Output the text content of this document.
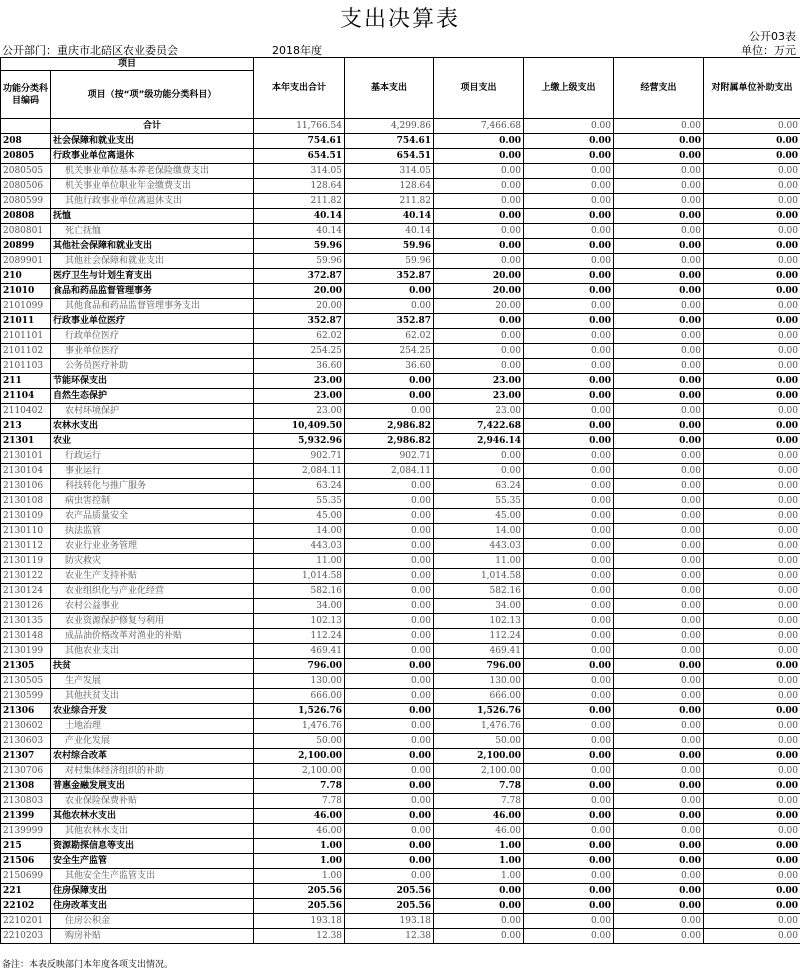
支出决算表
公开03表
公开部门：重庆市北碚区农业委员会	2018年度	单位：万元
项目		本年支出合计	基本支出	项目支出	上缴上级支出	经营支出	对附属单位补助支出
功能分类科目编码	项目（按“项”级功能分类科目）						
	合计	11,766.54	4,299.86	7,466.68	0.00	0.00	0.00
208	社会保障和就业支出	754.61	754.61	0.00	0.00	0.00	0.00
20805	行政事业单位离退休	654.51	654.51	0.00	0.00	0.00	0.00
2080505	机关事业单位基本养老保险缴费支出	314.05	314.05	0.00	0.00	0.00	0.00
2080506	机关事业单位职业年金缴费支出	128.64	128.64	0.00	0.00	0.00	0.00
2080599	其他行政事业单位离退休支出	211.82	211.82	0.00	0.00	0.00	0.00
20808	抚恤	40.14	40.14	0.00	0.00	0.00	0.00
2080801	死亡抚恤	40.14	40.14	0.00	0.00	0.00	0.00
20899	其他社会保障和就业支出	59.96	59.96	0.00	0.00	0.00	0.00
2089901	其他社会保障和就业支出	59.96	59.96	0.00	0.00	0.00	0.00
210	医疗卫生与计划生育支出	372.87	352.87	20.00	0.00	0.00	0.00
21010	食品和药品监督管理事务	20.00	0.00	20.00	0.00	0.00	0.00
2101099	其他食品和药品监督管理事务支出	20.00	0.00	20.00	0.00	0.00	0.00
21011	行政事业单位医疗	352.87	352.87	0.00	0.00	0.00	0.00
2101101	行政单位医疗	62.02	62.02	0.00	0.00	0.00	0.00
2101102	事业单位医疗	254.25	254.25	0.00	0.00	0.00	0.00
2101103	公务员医疗补助	36.60	36.60	0.00	0.00	0.00	0.00
211	节能环保支出	23.00	0.00	23.00	0.00	0.00	0.00
21104	自然生态保护	23.00	0.00	23.00	0.00	0.00	0.00
2110402	农村环境保护	23.00	0.00	23.00	0.00	0.00	0.00
213	农林水支出	10,409.50	2,986.82	7,422.68	0.00	0.00	0.00
21301	农业	5,932.96	2,986.82	2,946.14	0.00	0.00	0.00
2130101	行政运行	902.71	902.71	0.00	0.00	0.00	0.00
2130104	事业运行	2,084.11	2,084.11	0.00	0.00	0.00	0.00
2130106	科技转化与推广服务	63.24	0.00	63.24	0.00	0.00	0.00
2130108	病虫害控制	55.35	0.00	55.35	0.00	0.00	0.00
2130109	农产品质量安全	45.00	0.00	45.00	0.00	0.00	0.00
2130110	执法监管	14.00	0.00	14.00	0.00	0.00	0.00
2130112	农业行业业务管理	443.03	0.00	443.03	0.00	0.00	0.00
2130119	防灾救灾	11.00	0.00	11.00	0.00	0.00	0.00
2130122	农业生产支持补贴	1,014.58	0.00	1,014.58	0.00	0.00	0.00
2130124	农业组织化与产业化经营	582.16	0.00	582.16	0.00	0.00	0.00
2130126	农村公益事业	34.00	0.00	34.00	0.00	0.00	0.00
2130135	农业资源保护修复与利用	102.13	0.00	102.13	0.00	0.00	0.00
2130148	成品油价格改革对渔业的补贴	112.24	0.00	112.24	0.00	0.00	0.00
2130199	其他农业支出	469.41	0.00	469.41	0.00	0.00	0.00
21305	扶贫	796.00	0.00	796.00	0.00	0.00	0.00
2130505	生产发展	130.00	0.00	130.00	0.00	0.00	0.00
2130599	其他扶贫支出	666.00	0.00	666.00	0.00	0.00	0.00
21306	农业综合开发	1,526.76	0.00	1,526.76	0.00	0.00	0.00
2130602	土地治理	1,476.76	0.00	1,476.76	0.00	0.00	0.00
2130603	产业化发展	50.00	0.00	50.00	0.00	0.00	0.00
21307	农村综合改革	2,100.00	0.00	2,100.00	0.00	0.00	0.00
2130706	对村集体经济组织的补助	2,100.00	0.00	2,100.00	0.00	0.00	0.00
21308	普惠金融发展支出	7.78	0.00	7.78	0.00	0.00	0.00
2130803	农业保险保费补贴	7.78	0.00	7.78	0.00	0.00	0.00
21399	其他农林水支出	46.00	0.00	46.00	0.00	0.00	0.00
2139999	其他农林水支出	46.00	0.00	46.00	0.00	0.00	0.00
215	资源勘探信息等支出	1.00	0.00	1.00	0.00	0.00	0.00
21506	安全生产监管	1.00	0.00	1.00	0.00	0.00	0.00
2150699	其他安全生产监管支出	1.00	0.00	1.00	0.00	0.00	0.00
221	住房保障支出	205.56	205.56	0.00	0.00	0.00	0.00
22102	住房改革支出	205.56	205.56	0.00	0.00	0.00	0.00
2210201	住房公积金	193.18	193.18	0.00	0.00	0.00	0.00
2210203	购房补贴	12.38	12.38	0.00	0.00	0.00	0.00
备注：本表反映部门本年度各项支出情况。
